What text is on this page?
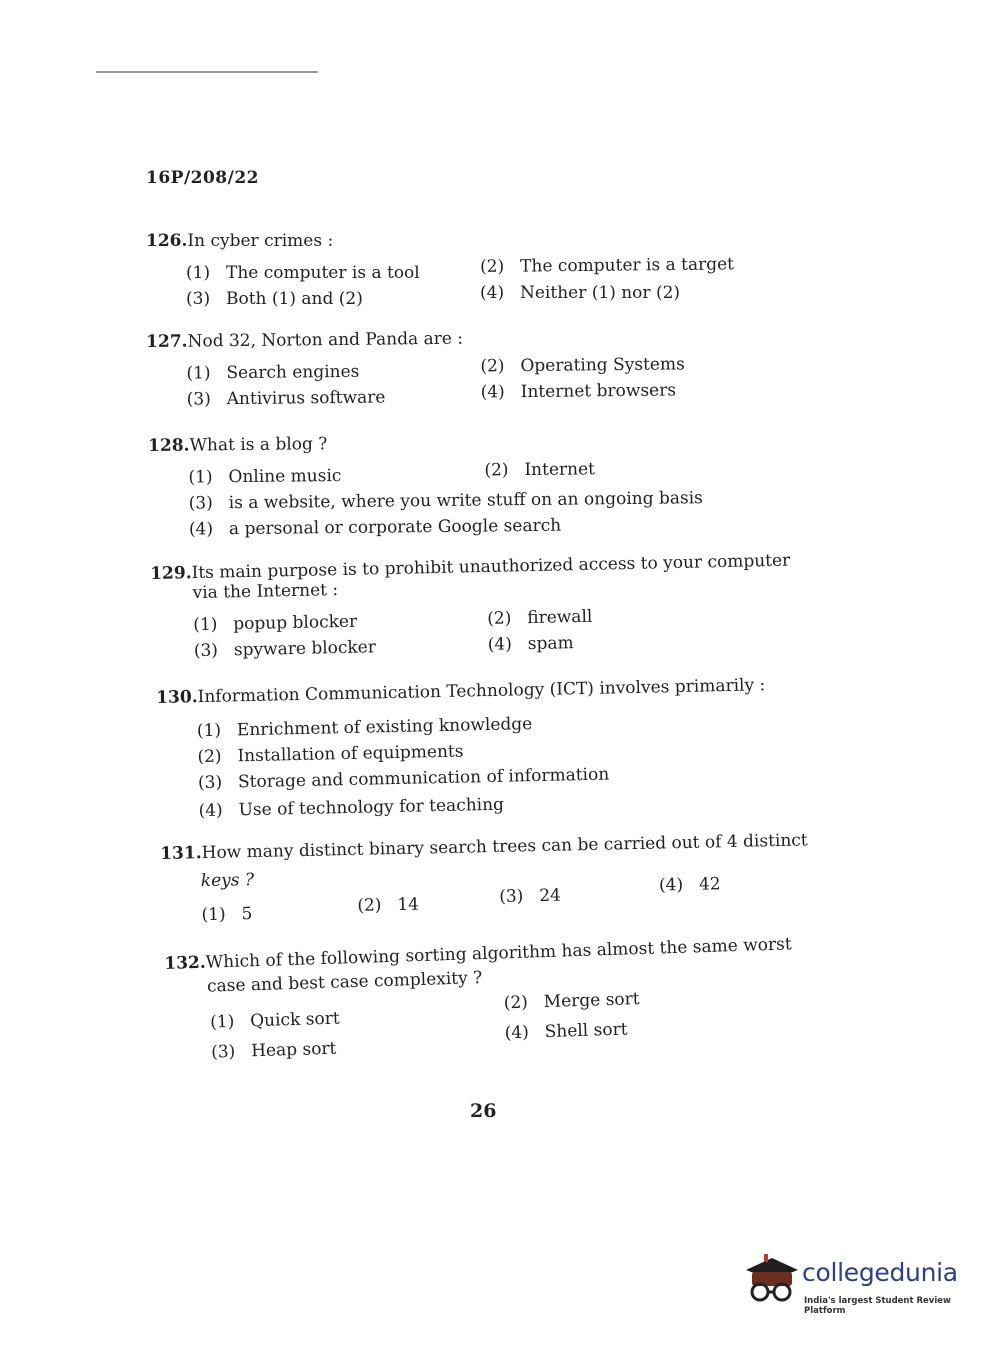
16P/208/22
126.In cyber crimes :
(1) The computer is a tool	(2) The computer is a target
(3) Both (1) and (2)	(4) Neither (1) nor (2)
127.Nod 32, Norton and Panda are :
(1) Search engines	(2) Operating Systems
(3) Antivirus software	(4) Internet browsers
128.What is a blog ?
(1) Online music	(2) Internet
(3) is a website, where you write stuff on an ongoing basis
(4) a personal or corporate Google search
129.Its main purpose is to prohibit unauthorized access to your computer
via the Internet :
(1) popup blocker	(2) firewall
(3) spyware blocker	(4) spam
130.Information Communication Technology (ICT) involves primarily :
(1) Enrichment of existing knowledge
(2) Installation of equipments
(3) Storage and communication of information
(4) Use of technology for teaching
131.How many distinct binary search trees can be carried out of 4 distinct
keys ?
(1) 5	(2) 14	(3) 24
(4) 42
132.Which of the following sorting algorithm has almost the same worst
case and best case complexity ?
(1) Quick sort
(2) Merge sort
(3) Heap sort
(4) Shell sort
26
collegedunia
India's largest Student Review Platform
